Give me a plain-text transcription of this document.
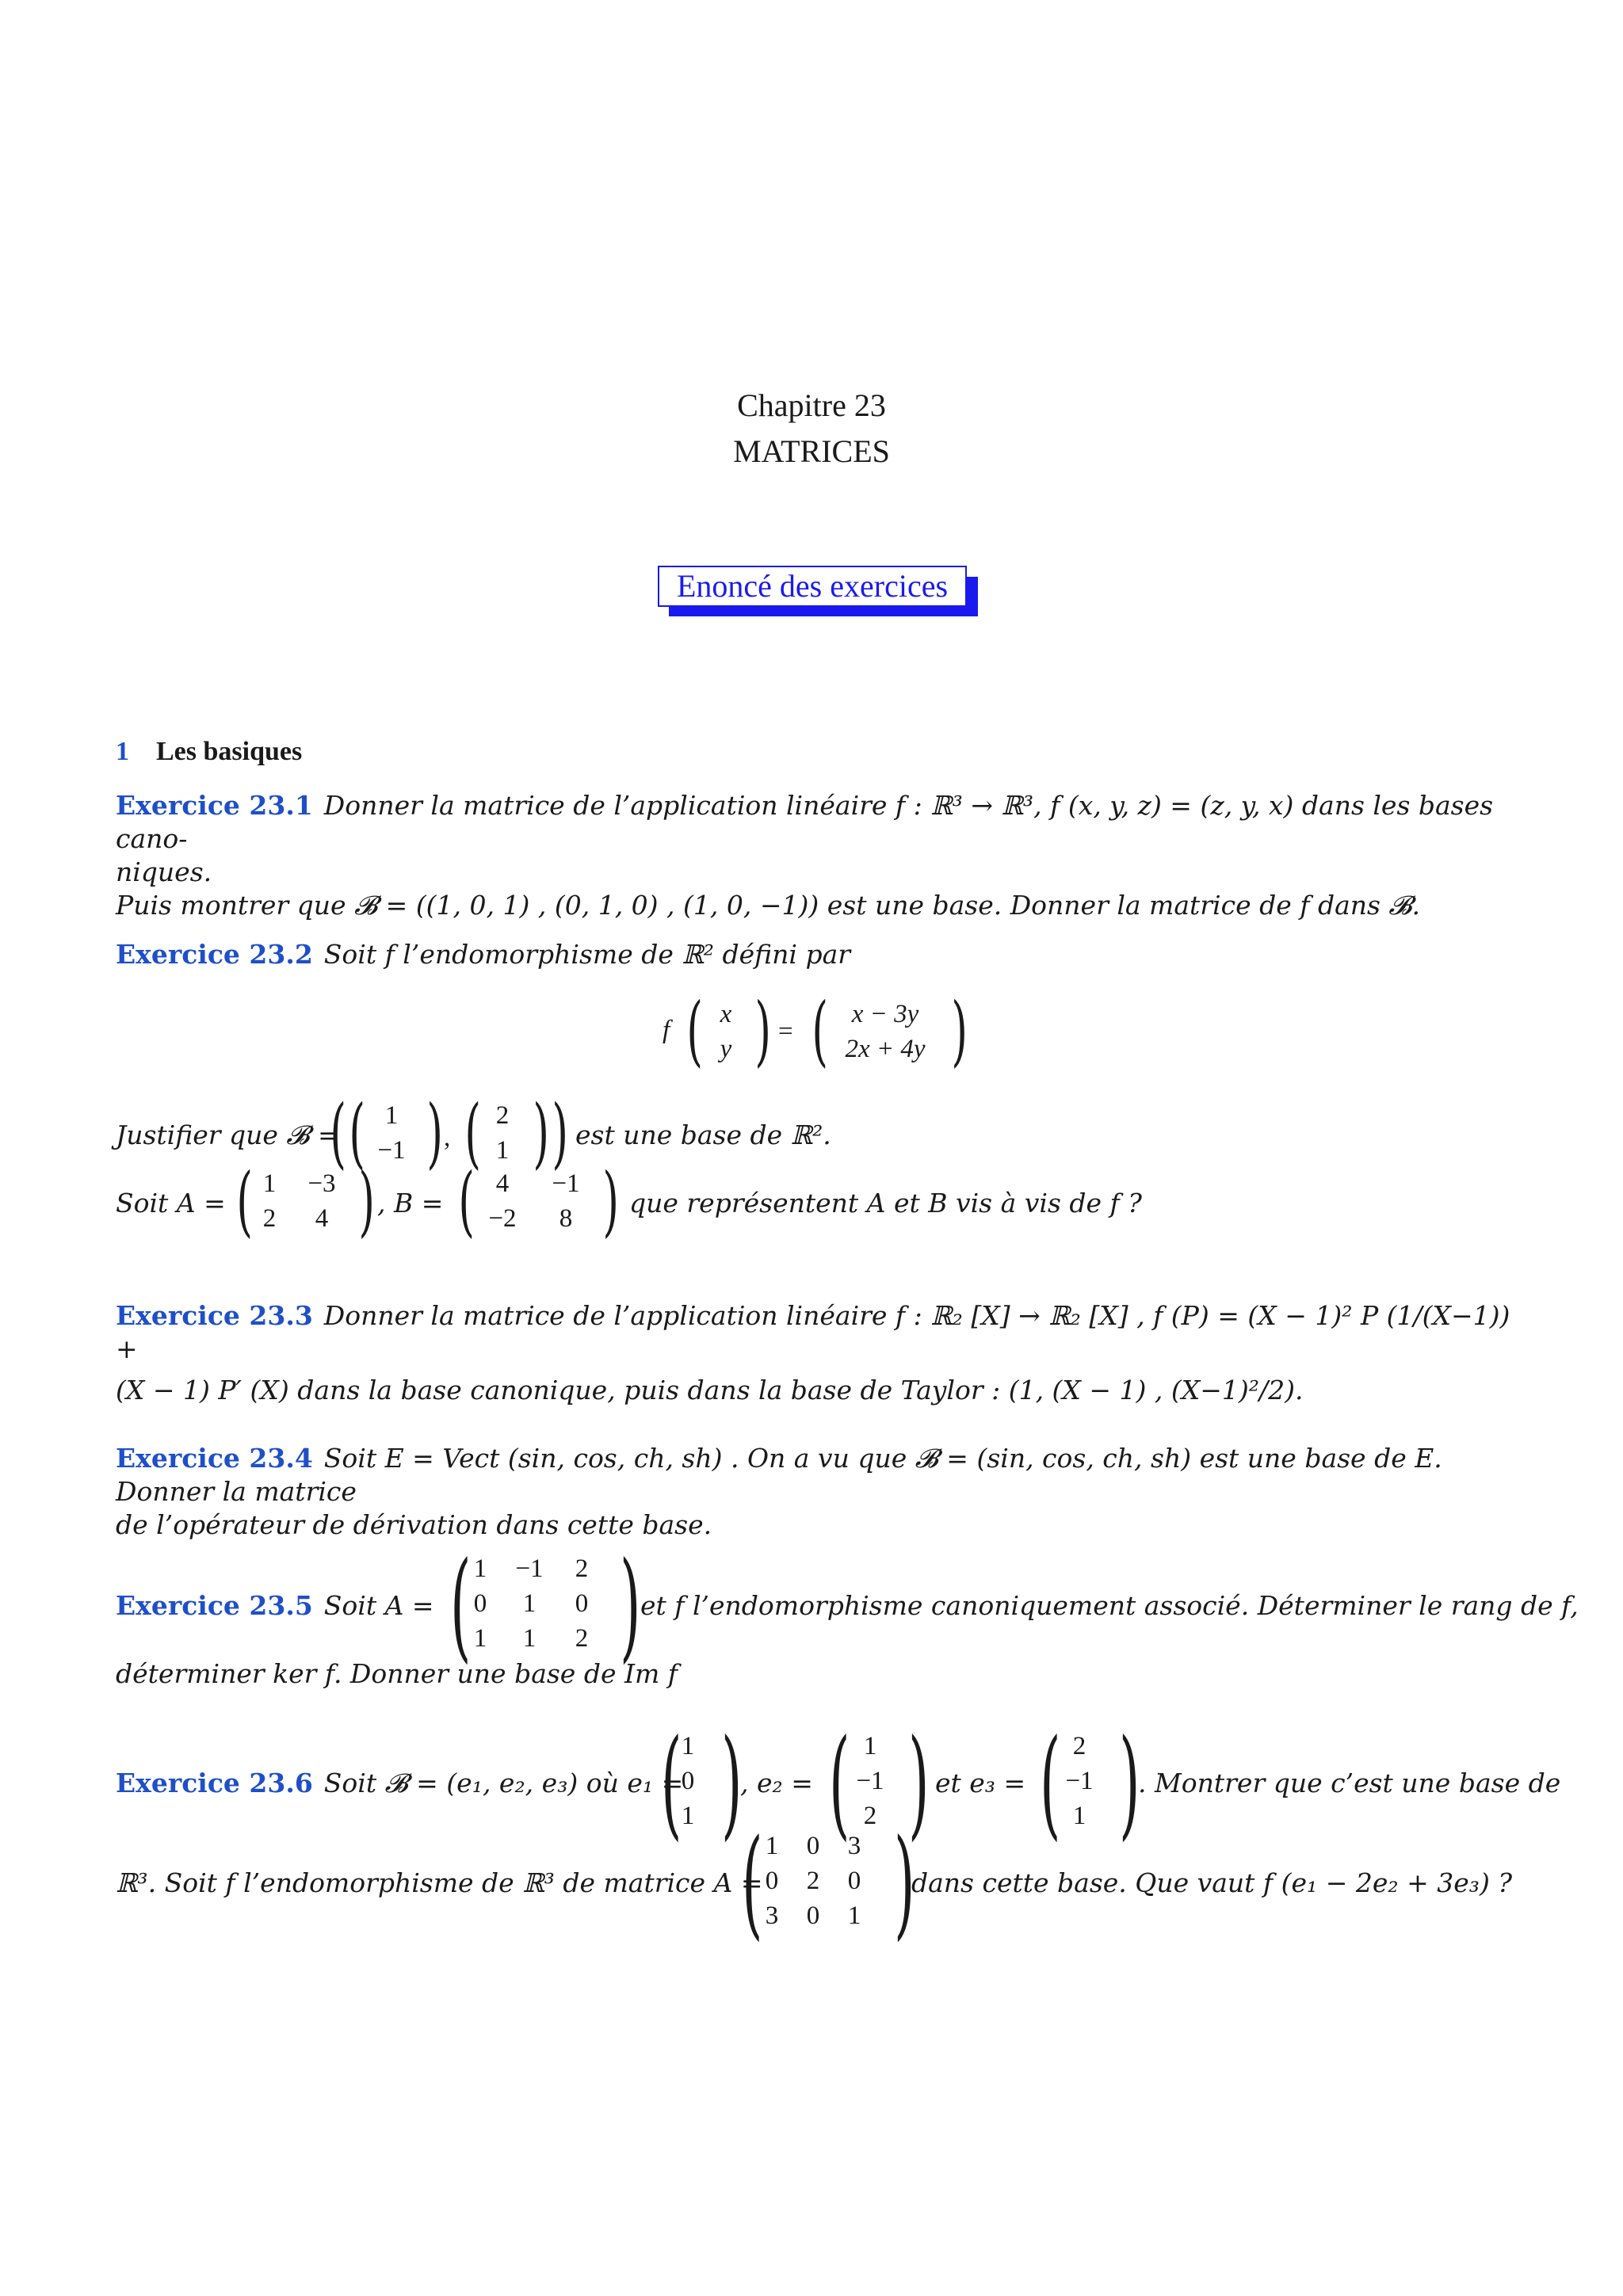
Chapitre 23
MATRICES
Enoncé des exercices
1 Les basiques
Exercice 23.1 Donner la matrice de l’application linéaire f : ℝ³ → ℝ³, f (x, y, z) = (z, y, x) dans les bases cano-
niques.
Puis montrer que 𝓑 = ((1, 0, 1) , (0, 1, 0) , (1, 0, −1)) est une base. Donner la matrice de f dans 𝓑.
Exercice 23.2 Soit f l’endomorphisme de ℝ² défini par
f ( x
y ) = ( x − 3y
2x + 4y )
Justifier que 𝓑 =
( ( 1
−1 ) , ( 2
1 ) ) est une base de ℝ².
Soit A = ( 1	−3
2	4 ) , B = ( 4	−1
−2	8 ) que représentent A et B vis à vis de f ?
Exercice 23.3 Donner la matrice de l’application linéaire f : ℝ₂ [X] → ℝ₂ [X] , f (P) = (X − 1)² P (1/(X−1)) +
(X − 1) P′ (X) dans la base canonique, puis dans la base de Taylor : (1, (X − 1) , (X−1)²/2).
Exercice 23.4 Soit E = Vect (sin, cos, ch, sh) . On a vu que 𝓑 = (sin, cos, ch, sh) est une base de E. Donner la matrice
de l’opérateur de dérivation dans cette base.
Exercice 23.5 Soit A = ( 1	−1	2
0	1	0
1	1	2 ) et f l’endomorphisme canoniquement associé. Déterminer le rang de f,
déterminer ker f. Donner une base de Im f
Exercice 23.6 Soit 𝓑 = (e₁, e₂, e₃) où e₁ =
( 1
0
1 )
, e₂ = ( 1
−1
2 ) et e₃ = ( 2
−1
1 )
. Montrer que c’est une base de
ℝ³. Soit f l’endomorphisme de ℝ³ de matrice A =
( 1	0	3
0	2	0
3	0	1 )
dans cette base. Que vaut f (e₁ − 2e₂ + 3e₃) ?
